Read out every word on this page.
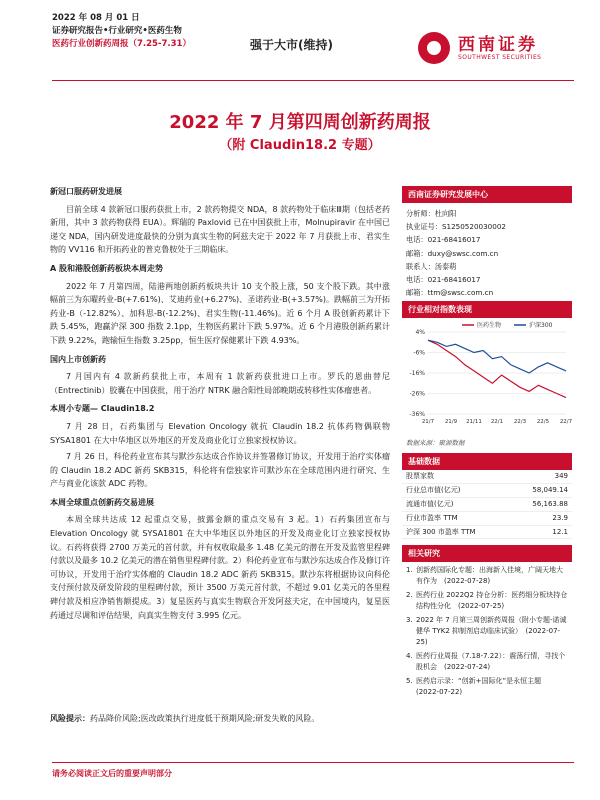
2022 年 08 月 01 日
证券研究报告•行业研究•医药生物
医药行业创新药周报（7.25-7.31）	强于大市(维持)	西南证券
SOUTHWEST SECURITIES
2022 年 7 月第四周创新药周报
（附 Claudin18.2 专题）
新冠口服药研发进展

目前全球 4 款新冠口服药获批上市，2 款药物提交 NDA，8 款药物处于临床Ⅲ期（包括老药新用，其中 3 款药物获得 EUA）。辉瑞的 Paxlovid 已在中国获批上市，Molnupiravir 在中国已递交 NDA，国内研发进度最快的分别为真实生物的阿兹夫定于 2022 年 7 月获批上市、君实生物的 VV116 和开拓药业的普克鲁胺处于三期临床。

A 股和港股创新药板块本周走势

2022 年 7 月第四周，陆港两地创新药板块共计 10 支个股上涨，50 支个股下跌。其中涨幅前三为东曜药业-B(+7.61%)、艾迪药业(+6.27%)、圣诺药业-B(+3.57%)。跌幅前三为开拓药业-B（-12.82%）、加科思-B(-12.2%)、君实生物(-11.46%)。近 6 个月 A 股创新药累计下跌 5.45%，跑赢沪深 300 指数 2.1pp，生物医药累计下跌 5.97%。近 6 个月港股创新药累计下跌 9.22%，跑输恒生指数 3.25pp，恒生医疗保健累计下跌 4.93%。

国内上市创新药

7 月国内有 4 款新药获批上市，本周有 1 款新药获批进口上市。罗氏的恩曲替尼（Entrectinib）胶囊在中国获批，用于治疗 NTRK 融合阳性局部晚期或转移性实体瘤患者。

本周小专题— Claudin18.2

7 月 28 日，石药集团与 Elevation Oncology 就抗 Claudin 18.2 抗体药物偶联物 SYSA1801 在大中华地区以外地区的开发及商业化订立独家授权协议。

7 月 26 日，科伦药业宣布其与默沙东达成合作协议并签署修订协议，开发用于治疗实体瘤的 Claudin 18.2 ADC 新药 SKB315，科伦将有偿独家许可默沙东在全球范围内进行研究、生产与商业化该款 ADC 药物。

本周全球重点创新药交易进展

本周全球共达成 12 起重点交易，披露金额的重点交易有 3 起。1）石药集团宣布与 Elevation Oncology 就 SYSA1801 在大中华地区以外地区的开发及商业化订立独家授权协议。石药将获得 2700 万美元的首付款，并有权收取最多 1.48 亿美元的潜在开发及监管里程碑付款以及最多 10.2 亿美元的潜在销售里程碑付款。2）科伦药业宣布与默沙东达成合作及修订许可协议，开发用于治疗实体瘤的 Claudin 18.2 ADC 新药 SKB315。默沙东将根据协议向科伦支付预付款及研发阶段的里程碑付款，预计 3500 万美元首付款，不超过 9.01 亿美元的各里程碑付款及相应净销售额提成。3）复星医药与真实生物联合开发阿兹夫定，在中国境内，复星医药通过尽调和评估结果，向真实生物支付 3.995 亿元。

西南证券研究发展中心
分析师：杜向阳
执业证号：S1250520030002
电话：021-68416017
邮箱：duxy@swsc.com.cn
联系人：汤泰萌
电话：021-68416017
邮箱：ttm@swsc.com.cn
行业相对指数表现
4%
-6%
-16%
-26%
-36%
21/7 21/9 21/11 22/1 22/3 22/5 22/7
医药生物	沪深300
数据来源：聚源数据
基础数据
股票家数	349
行业总市值(亿元)	58,049.14
流通市值(亿元)	56,163.88
行业市盈率 TTM	23.9
沪深 300 市盈率 TTM	12.1
相关研究
1. 创新药国际化专题：出海新入佳境，广阔天地大有作为　(2022-07-28)
2. 医药行业 2022Q2 持仓分析：医药细分板块持仓结构性分化　(2022-07-25)
3. 2022 年 7 月第三周创新药周报（附小专题-诺诚健华 TYK2 抑制剂启动临床试验）　(2022-07-25)
4. 医药行业周报（7.18-7.22）：震荡行情，寻找个股机会　(2022-07-24)
5. 医药启示录：“创新+国际化”是永恒主题　(2022-07-22)
风险提示：药品降价风险;医改政策执行进度低于预期风险;研发失败的风险。
请务必阅读正文后的重要声明部分
